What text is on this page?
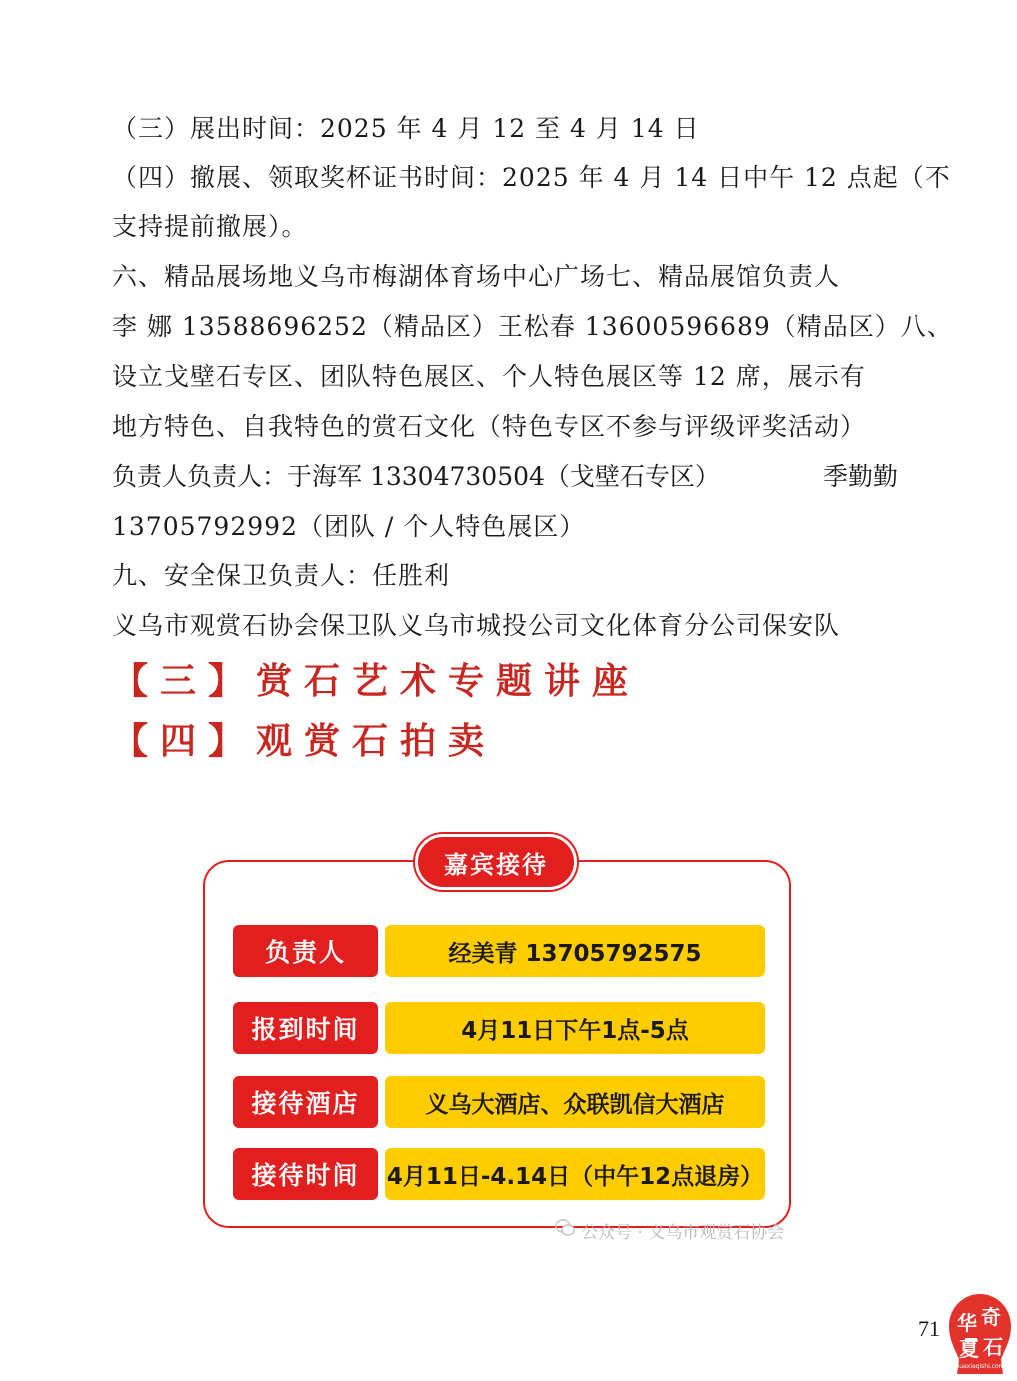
（三）展出时间：2025 年 4 月 12 至 4 月 14 日
（四）撤展、领取奖杯证书时间：2025 年 4 月 14 日中午 12 点起（不
支持提前撤展）。
六、精品展场地义乌市梅湖体育场中心广场七、精品展馆负责人
李 娜 13588696252（精品区）王松春 13600596689（精品区）八、
设立戈壁石专区、团队特色展区、个人特色展区等 12 席，展示有
地方特色、自我特色的赏石文化（特色专区不参与评级评奖活动）
负责人负责人：于海军 13304730504（戈壁石专区）	季勤勤
13705792992（团队 / 个人特色展区）
九、安全保卫负责人：任胜利
义乌市观赏石协会保卫队义乌市城投公司文化体育分公司保安队
【三】赏石艺术专题讲座
【四】观赏石拍卖
嘉宾接待
负责人	经美青 13705792575
报到时间	4月11日下午1点-5点
接待酒店	义乌大酒店、众联凯信大酒店
接待时间	4月11日-4.14日（中午12点退房）
公众号 · 义乌市观赏石协会
71 华 奇
夏 石
huaxiaqishi.com
